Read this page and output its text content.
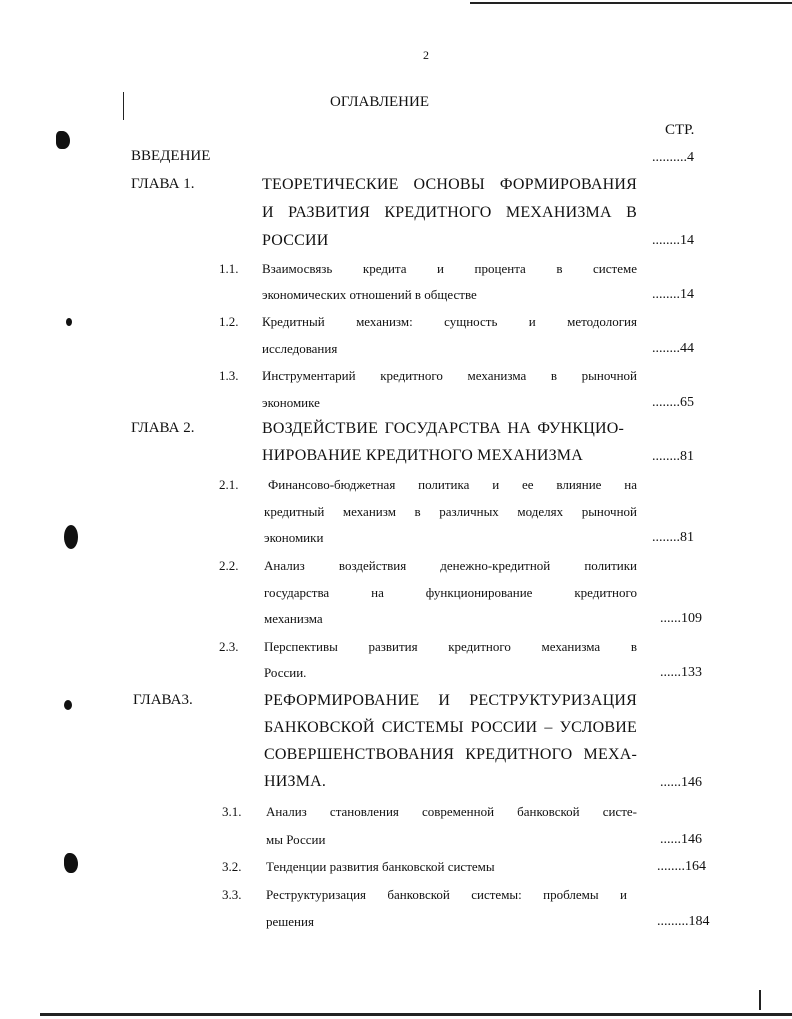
2
ОГЛАВЛЕНИЕ
СТР.
ВВЕДЕНИЕ	..........4
ГЛАВА 1.	ТЕОРЕТИЧЕСКИЕ ОСНОВЫ ФОРМИРОВАНИЯ
И РАЗВИТИЯ КРЕДИТНОГО МЕХАНИЗМА В
РОССИИ	........14
1.1. Взаимосвязь кредита и процента в системе
экономических отношений в обществе	........14
1.2. Кредитный механизм: сущность и методология
исследования	........44
1.3. Инструментарий кредитного механизма в рыночной
экономике	........65
ГЛАВА 2.	ВОЗДЕЙСТВИЕ ГОСУДАРСТВА НА ФУНКЦИО-
НИРОВАНИЕ КРЕДИТНОГО МЕХАНИЗМА	........81
2.1. Финансово-бюджетная политика и ее влияние на
кредитный механизм в различных моделях рыночной
экономики	........81
2.2. Анализ воздействия денежно-кредитной политики
государства на функционирование кредитного
механизма	......109
2.3. Перспективы развития кредитного механизма в
России.	......133
ГЛАВА3.	РЕФОРМИРОВАНИЕ И РЕСТРУКТУРИЗАЦИЯ
БАНКОВСКОЙ СИСТЕМЫ РОССИИ – УСЛОВИЕ
СОВЕРШЕНСТВОВАНИЯ КРЕДИТНОГО МЕХА-
НИЗМА.	......146
3.1. Анализ становления современной банковской систе-
мы России	......146
3.2. Тенденции развития банковской системы	........164
3.3. Реструктуризация банковской системы: проблемы и
решения	.........184
